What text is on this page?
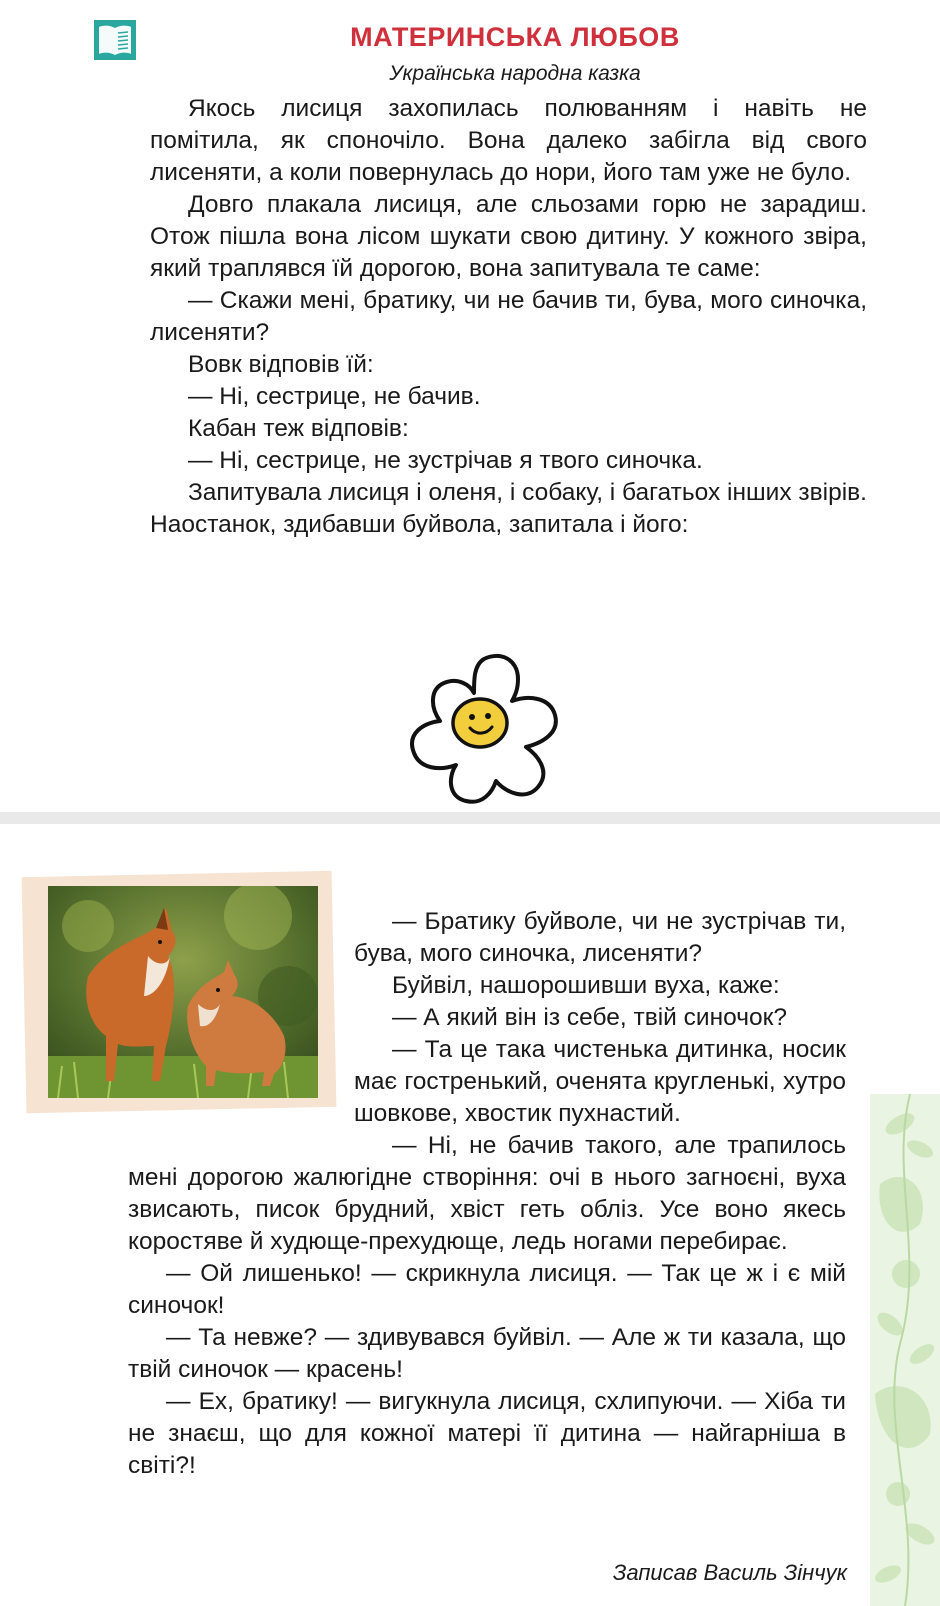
МАТЕРИНСЬКА ЛЮБОВ
Українська народна казка

Якось лисиця захопилась полюванням і навіть не помітила, як споночіло. Вона далеко забігла від свого лисеняти, а коли повернулась до нори, його там уже не було.

Довго плакала лисиця, але сльозами горю не зарадиш. Отож пішла вона лісом шукати свою дитину. У кожного звіра, який траплявся їй дорогою, вона запитувала те саме:

— Скажи мені, братику, чи не бачив ти, бува, мого синочка, лисеняти?

Вовк відповів їй:

— Ні, сестрице, не бачив.

Кабан теж відповів:

— Ні, сестрице, не зустрічав я твого синочка.

Запитувала лисиця і оленя, і собаку, і багатьох інших звірів. Наостанок, здибавши буйвола, запитала і його:

— Братику буйволе, чи не зустрічав ти, бува, мого синочка, лисеняти?

Буйвіл, нашорошивши вуха, каже:

— А який він із себе, твій синочок?

— Та це така чистенька дитинка, носик має гостренький, оченята кругленькі, хутро шовкове, хвостик пухнастий.

— Ні, не бачив такого, але трапилось мені дорогою жалюгідне створіння: очі в нього загноєні, вуха звисають, писок брудний, хвіст геть обліз. Усе воно якесь коростяве й худюще-прехудюще, ледь ногами перебирає.

— Ой лишенько! — скрикнула лисиця. — Так це ж і є мій синочок!

— Та невже? — здивувався буйвіл. — Але ж ти казала, що твій синочок — красень!

— Ех, братику! — вигукнула лисиця, схлипуючи. — Хіба ти не знаєш, що для кожної матері її дитина — найгарніша в світі?!

Записав Василь Зінчук
